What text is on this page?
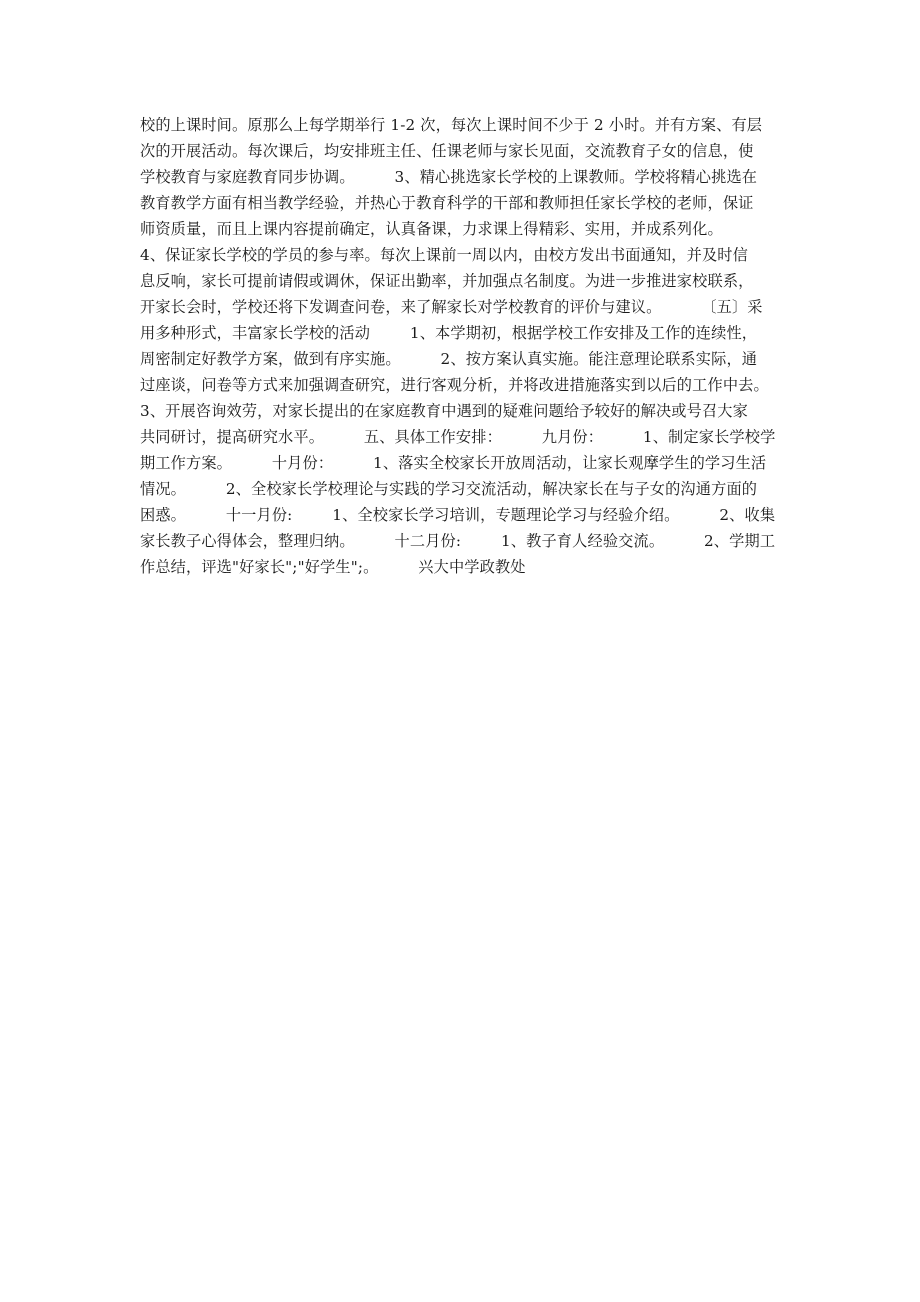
校的上课时间。原那么上每学期举行 1-2 次，每次上课时间不少于 2 小时。并有方案、有层
次的开展活动。每次课后，均安排班主任、任课老师与家长见面，交流教育子女的信息，使
学校教育与家庭教育同步协调。        3、精心挑选家长学校的上课教师。学校将精心挑选在
教育教学方面有相当教学经验，并热心于教育科学的干部和教师担任家长学校的老师，保证
师资质量，而且上课内容提前确定，认真备课，力求课上得精彩、实用，并成系列化。
4、保证家长学校的学员的参与率。每次上课前一周以内，由校方发出书面通知，并及时信
息反响，家长可提前请假或调休，保证出勤率，并加强点名制度。为进一步推进家校联系，
开家长会时，学校还将下发调查问卷，来了解家长对学校教育的评价与建议。        〔五〕采
用多种形式，丰富家长学校的活动        1、本学期初，根据学校工作安排及工作的连续性，
周密制定好教学方案，做到有序实施。        2、按方案认真实施。能注意理论联系实际，通
过座谈，问卷等方式来加强调查研究，进行客观分析，并将改进措施落实到以后的工作中去。
3、开展咨询效劳，对家长提出的在家庭教育中遇到的疑难问题给予较好的解决或号召大家
共同研讨，提高研究水平。        五、具体工作安排：        九月份：        1、制定家长学校学
期工作方案。        十月份：        1、落实全校家长开放周活动，让家长观摩学生的学习生活
情况。        2、全校家长学校理论与实践的学习交流活动，解决家长在与子女的沟通方面的
困惑。        十一月份:        1、全校家长学习培训，专题理论学习与经验介绍。        2、收集
家长教子心得体会，整理归纳。        十二月份:        1、教子育人经验交流。        2、学期工
作总结，评选"好家长";"好学生";。        兴大中学政教处
